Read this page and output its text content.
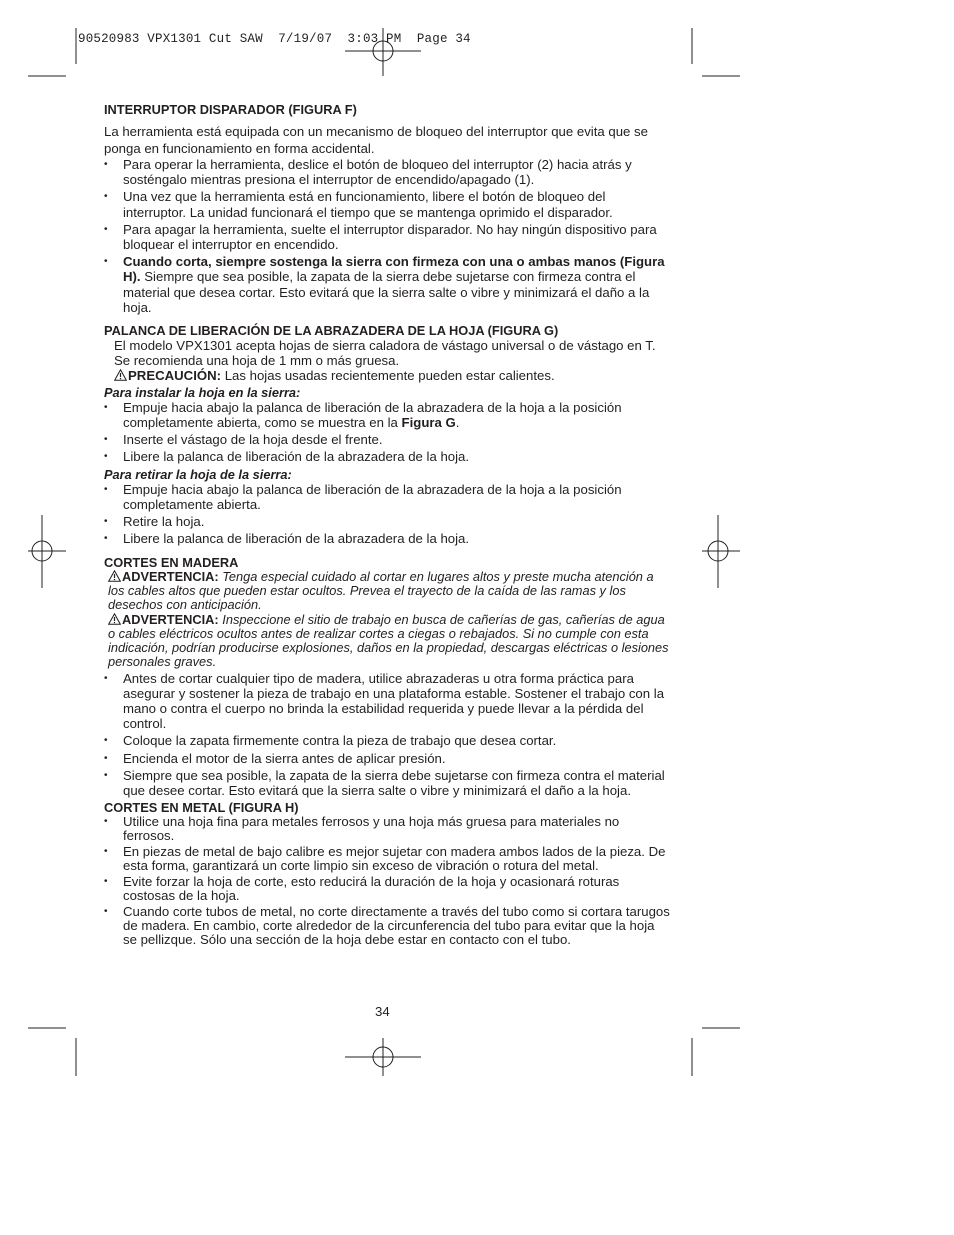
90520983 VPX1301 Cut SAW  7/19/07  3:03 PM  Page 34
INTERRUPTOR DISPARADOR (FIGURA F)

La herramienta está equipada con un mecanismo de bloqueo del interruptor que evita que se ponga en funcionamiento en forma accidental.

• Para operar la herramienta, deslice el botón de bloqueo del interruptor (2) hacia atrás y sosténgalo mientras presiona el interruptor de encendido/apagado (1).
• Una vez que la herramienta está en funcionamiento, libere el botón de bloqueo del interruptor. La unidad funcionará el tiempo que se mantenga oprimido el disparador.
• Para apagar la herramienta, suelte el interruptor disparador. No hay ningún dispositivo para bloquear el interruptor en encendido.
• Cuando corta, siempre sostenga la sierra con firmeza con una o ambas manos (Figura H). Siempre que sea posible, la zapata de la sierra debe sujetarse con firmeza contra el material que desea cortar. Esto evitará que la sierra salte o vibre y minimizará el daño a la hoja.
PALANCA DE LIBERACIÓN DE LA ABRAZADERA DE LA HOJA (FIGURA G)

El modelo VPX1301 acepta hojas de sierra caladora de vástago universal o de vástago en T. Se recomienda una hoja de 1 mm o más gruesa.

PRECAUCIÓN: Las hojas usadas recientemente pueden estar calientes.

Para instalar la hoja en la sierra:

• Empuje hacia abajo la palanca de liberación de la abrazadera de la hoja a la posición completamente abierta, como se muestra en la Figura G.
• Inserte el vástago de la hoja desde el frente.
• Libere la palanca de liberación de la abrazadera de la hoja.

Para retirar la hoja de la sierra:

• Empuje hacia abajo la palanca de liberación de la abrazadera de la hoja a la posición completamente abierta.
• Retire la hoja.
• Libere la palanca de liberación de la abrazadera de la hoja.
CORTES EN MADERA

ADVERTENCIA: Tenga especial cuidado al cortar en lugares altos y preste mucha atención a los cables altos que pueden estar ocultos. Prevea el trayecto de la caída de las ramas y los desechos con anticipación.

ADVERTENCIA: Inspeccione el sitio de trabajo en busca de cañerías de gas, cañerías de agua o cables eléctricos ocultos antes de realizar cortes a ciegas o rebajados. Si no cumple con esta indicación, podrían producirse explosiones, daños en la propiedad, descargas eléctricas o lesiones personales graves.

• Antes de cortar cualquier tipo de madera, utilice abrazaderas u otra forma práctica para asegurar y sostener la pieza de trabajo en una plataforma estable. Sostener el trabajo con la mano o contra el cuerpo no brinda la estabilidad requerida y puede llevar a la pérdida del control.
• Coloque la zapata firmemente contra la pieza de trabajo que desea cortar.
• Encienda el motor de la sierra antes de aplicar presión.
• Siempre que sea posible, la zapata de la sierra debe sujetarse con firmeza contra el material que desee cortar. Esto evitará que la sierra salte o vibre y minimizará el daño a la hoja.
CORTES EN METAL (FIGURA H)
• Utilice una hoja fina para metales ferrosos y una hoja más gruesa para materiales no ferrosos.
• En piezas de metal de bajo calibre es mejor sujetar con madera ambos lados de la pieza. De esta forma, garantizará un corte limpio sin exceso de vibración o rotura del metal.
• Evite forzar la hoja de corte, esto reducirá la duración de la hoja y ocasionará roturas costosas de la hoja.
• Cuando corte tubos de metal, no corte directamente a través del tubo como si cortara tarugos de madera. En cambio, corte alrededor de la circunferencia del tubo para evitar que la hoja se pellizque. Sólo una sección de la hoja debe estar en contacto con el tubo.
34
